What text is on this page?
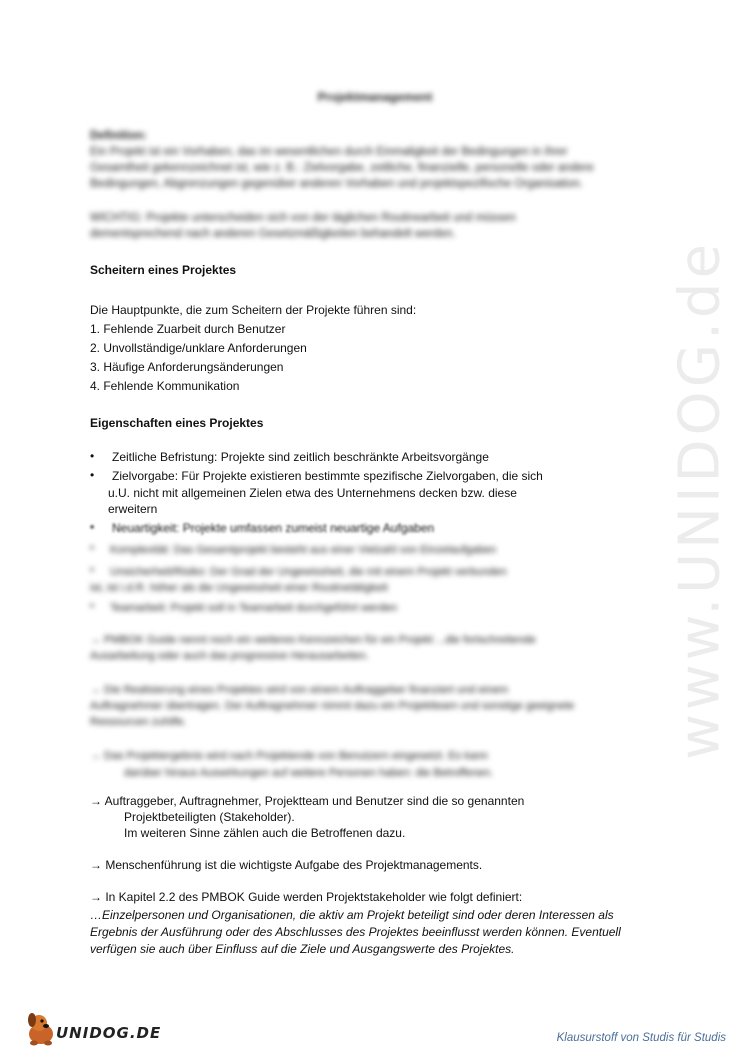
www.UNIDOG.de
Projektmanagement
Definition:
Ein Projekt ist ein Vorhaben, das im wesentlichen durch Einmaligkeit der Bedingungen in ihrer
Gesamtheit gekennzeichnet ist, wie z. B.: Zielvorgabe, zeitliche, finanzielle, personelle oder andere
Bedingungen, Abgrenzungen gegenüber anderen Vorhaben und projektspezifische Organisation.
WICHTIG: Projekte unterscheiden sich von der täglichen Routinearbeit und müssen
dementsprechend nach anderen Gesetzmäßigkeiten behandelt werden.
Scheitern eines Projektes
Die Hauptpunkte, die zum Scheitern der Projekte führen sind:
1. Fehlende Zuarbeit durch Benutzer
2. Unvollständige/unklare Anforderungen
3. Häufige Anforderungsänderungen
4. Fehlende Kommunikation
Eigenschaften eines Projektes
• Zeitliche Befristung: Projekte sind zeitlich beschränkte Arbeitsvorgänge
• Zielvorgabe: Für Projekte existieren bestimmte spezifische Zielvorgaben, die sich
u.U. nicht mit allgemeinen Zielen etwa des Unternehmens decken bzw. diese
erweitern
• Neuartigkeit: Projekte umfassen zumeist neuartige Aufgaben
• Komplexität: Das Gesamtprojekt besteht aus einer Vielzahl von Einzelaufgaben
• Unsicherheit/Risiko: Der Grad der Ungewissheit, die mit einem Projekt verbunden
ist, ist i.d.R. höher als die Ungewissheit einer Routinetätigkeit
• Teamarbeit: Projekt soll in Teamarbeit durchgeführt werden
→ PMBOK Guide nennt noch ein weiteres Kennzeichen für ein Projekt ...die fortschreitende
Ausarbeitung oder auch das progressive Herausarbeiten.
→ Die Realisierung eines Projektes wird von einem Auftraggeber finanziert und einem
Auftragnehmer übertragen. Der Auftragnehmer nimmt dazu ein Projektteam und sonstige geeignete
Ressourcen zuhilfe.
→ Das Projektergebnis wird nach Projektende von Benutzern eingesetzt. Es kann
darüber hinaus Auswirkungen auf weitere Personen haben: die Betroffenen.
→ Auftraggeber, Auftragnehmer, Projektteam und Benutzer sind die so genannten
Projektbeteiligten (Stakeholder).
Im weiteren Sinne zählen auch die Betroffenen dazu.
→ Menschenführung ist die wichtigste Aufgabe des Projektmanagements.
→ In Kapitel 2.2 des PMBOK Guide werden Projektstakeholder wie folgt definiert:
…Einzelpersonen und Organisationen, die aktiv am Projekt beteiligt sind oder deren Interessen als
Ergebnis der Ausführung oder des Abschlusses des Projektes beeinflusst werden können. Eventuell
verfügen sie auch über Einfluss auf die Ziele und Ausgangswerte des Projektes.
UNIDOG.DE	Klausurstoff von Studis für Studis
